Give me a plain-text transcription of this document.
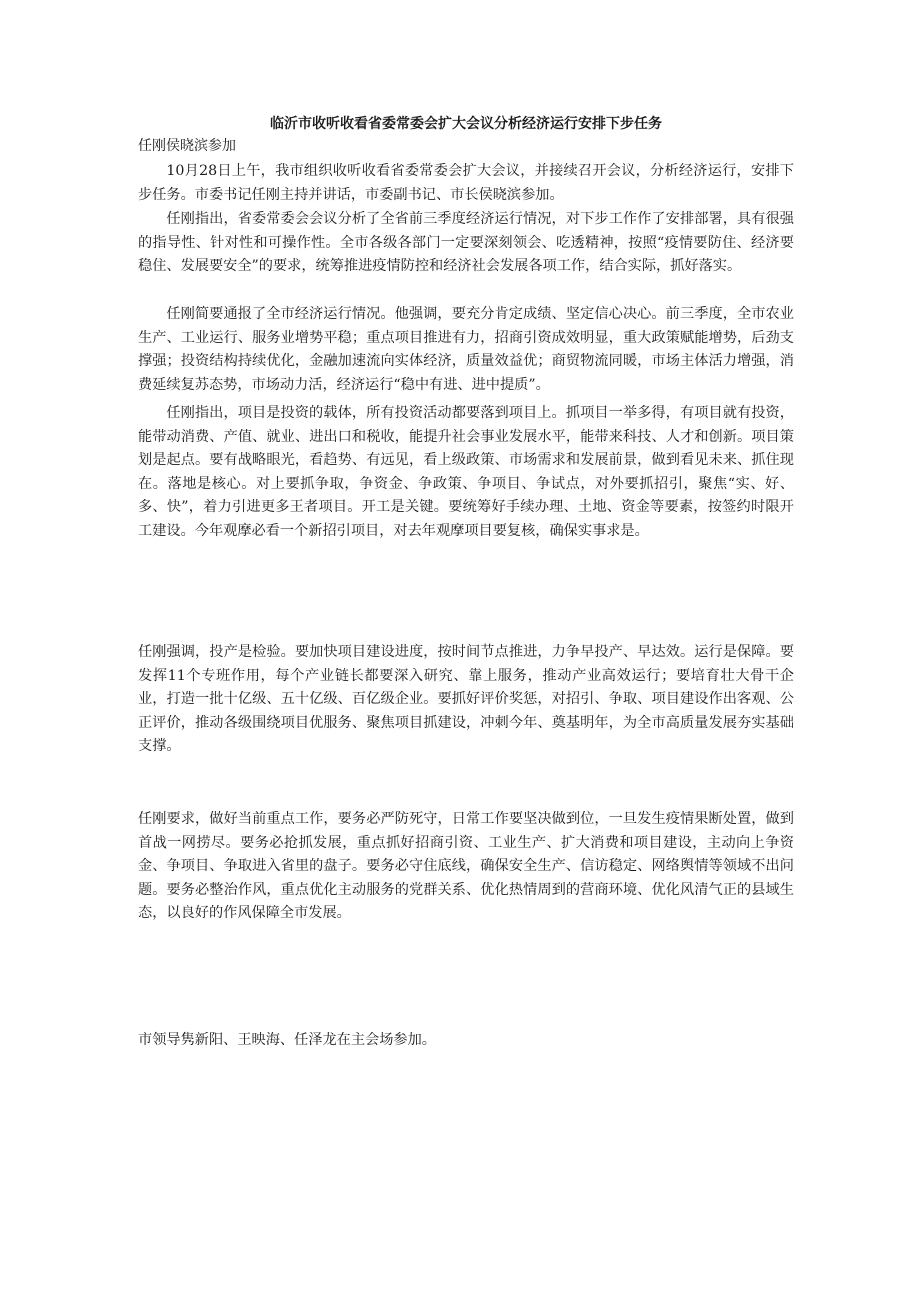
临沂市收听收看省委常委会扩大会议分析经济运行安排下步任务
任刚侯晓滨参加

10月28日上午，我市组织收听收看省委常委会扩大会议，并接续召开会议，分析经济运行，安排下步任务。市委书记任刚主持并讲话，市委副书记、市长侯晓滨参加。

任刚指出，省委常委会会议分析了全省前三季度经济运行情况，对下步工作作了安排部署，具有很强的指导性、针对性和可操作性。全市各级各部门一定要深刻领会、吃透精神，按照“疫情要防住、经济要稳住、发展要安全”的要求，统筹推进疫情防控和经济社会发展各项工作，结合实际，抓好落实。

任刚简要通报了全市经济运行情况。他强调，要充分肯定成绩、坚定信心决心。前三季度，全市农业生产、工业运行、服务业增势平稳；重点项目推进有力，招商引资成效明显，重大政策赋能增势，后劲支撑强；投资结构持续优化，金融加速流向实体经济，质量效益优；商贸物流同暖，市场主体活力增强，消费延续复苏态势，市场动力活，经济运行“稳中有进、进中提质”。

任刚指出，项目是投资的载体，所有投资活动都要落到项目上。抓项目一举多得，有项目就有投资，能带动消费、产值、就业、进出口和税收，能提升社会事业发展水平，能带来科技、人才和创新。项目策划是起点。要有战略眼光，看趋势、有远见，看上级政策、市场需求和发展前景，做到看见未来、抓住现在。落地是核心。对上要抓争取，争资金、争政策、争项目、争试点，对外要抓招引，聚焦“实、好、多、快”，着力引进更多王者项目。开工是关键。要统筹好手续办理、土地、资金等要素，按签约时限开工建设。今年观摩必看一个新招引项目，对去年观摩项目要复核，确保实事求是。

任刚强调，投产是检验。要加快项目建设进度，按时间节点推进，力争早投产、早达效。运行是保障。要发挥11个专班作用，每个产业链长都要深入研究、靠上服务，推动产业高效运行；要培育壮大骨干企业，打造一批十亿级、五十亿级、百亿级企业。要抓好评价奖惩，对招引、争取、项目建设作出客观、公正评价，推动各级围绕项目优服务、聚焦项目抓建设，冲刺今年、奠基明年，为全市高质量发展夯实基础支撑。

任刚要求，做好当前重点工作，要务必严防死守，日常工作要坚决做到位，一旦发生疫情果断处置，做到首战一网捞尽。要务必抢抓发展，重点抓好招商引资、工业生产、扩大消费和项目建设，主动向上争资金、争项目、争取进入省里的盘子。要务必守住底线，确保安全生产、信访稳定、网络舆情等领域不出问题。要务必整治作风，重点优化主动服务的党群关系、优化热情周到的营商环境、优化风清气正的县域生态，以良好的作风保障全市发展。

市领导隽新阳、王映海、任泽龙在主会场参加。
